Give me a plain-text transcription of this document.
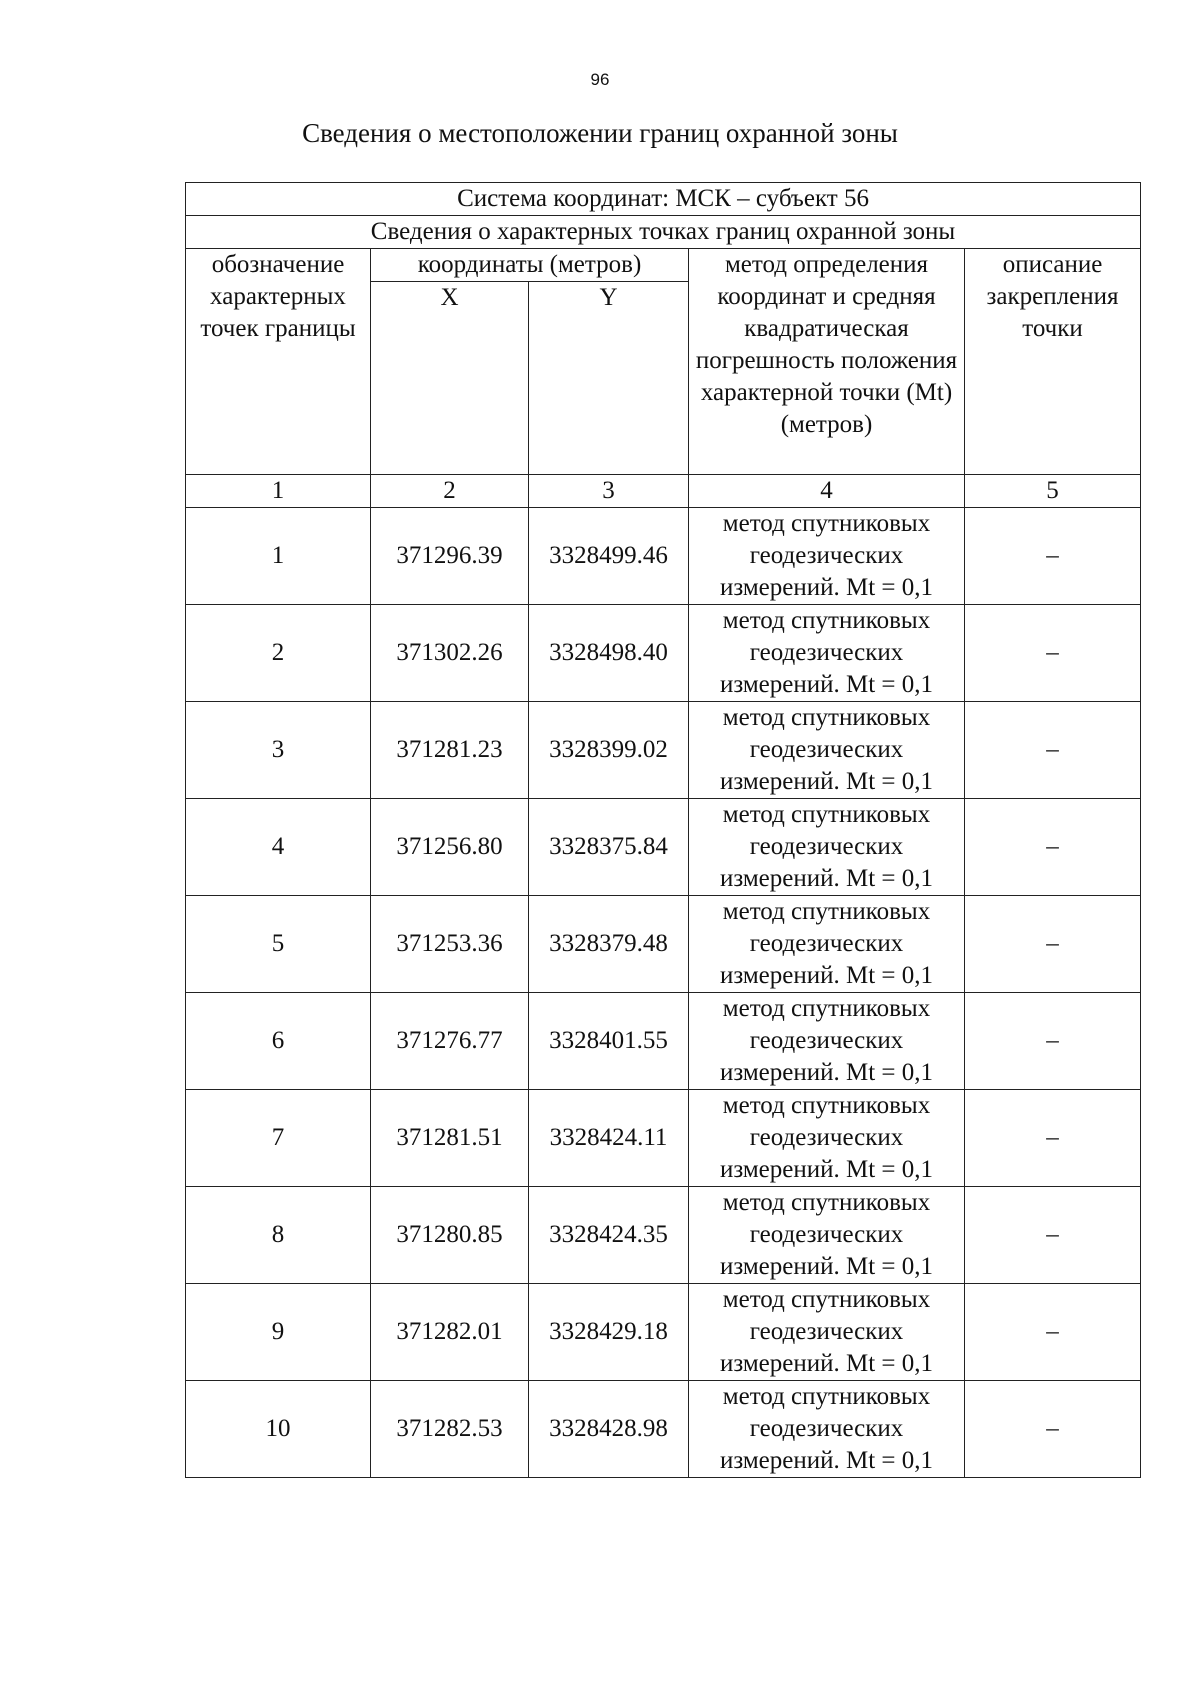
96
Сведения о местоположении границ охранной зоны
Система координат: МСК – субъект 56				
Сведения о характерных точках границ охранной зоны				
обозначение характерных точек границы	координаты (метров)		метод определения координат и средняя квадратическая погрешность положения характерной точки (Mt) (метров)	описание закрепления точки
	X	Y		
1	2	3	4	5
1	371296.39	3328499.46	метод спутниковых геодезических измерений. Mt = 0,1	–
2	371302.26	3328498.40	метод спутниковых геодезических измерений. Mt = 0,1	–
3	371281.23	3328399.02	метод спутниковых геодезических измерений. Mt = 0,1	–
4	371256.80	3328375.84	метод спутниковых геодезических измерений. Mt = 0,1	–
5	371253.36	3328379.48	метод спутниковых геодезических измерений. Mt = 0,1	–
6	371276.77	3328401.55	метод спутниковых геодезических измерений. Mt = 0,1	–
7	371281.51	3328424.11	метод спутниковых геодезических измерений. Mt = 0,1	–
8	371280.85	3328424.35	метод спутниковых геодезических измерений. Mt = 0,1	–
9	371282.01	3328429.18	метод спутниковых геодезических измерений. Mt = 0,1	–
10	371282.53	3328428.98	метод спутниковых геодезических измерений. Mt = 0,1	–
